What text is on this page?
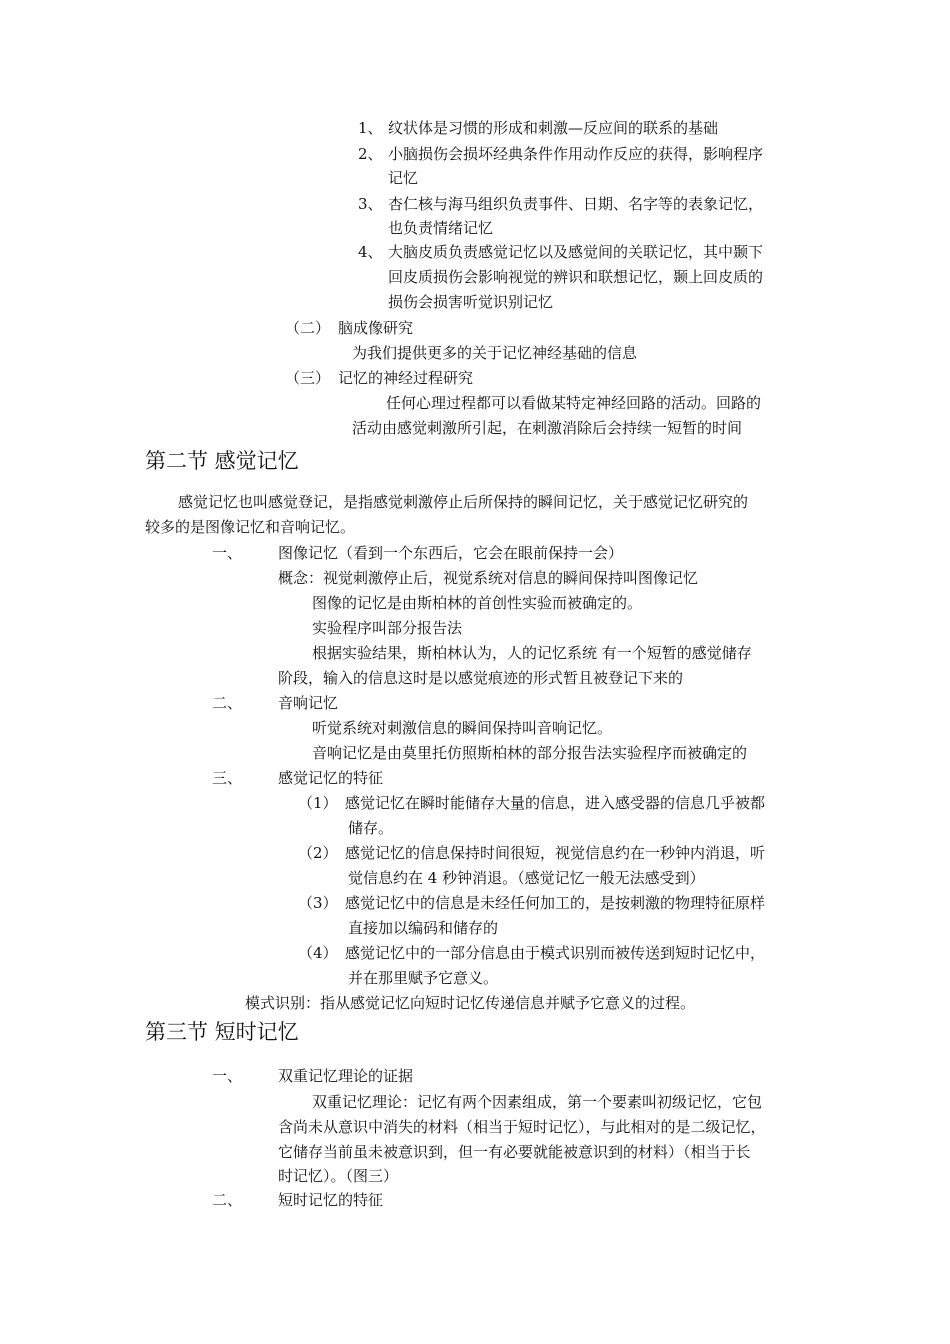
1、 纹状体是习惯的形成和刺激—反应间的联系的基础
2、 小脑损伤会损坏经典条件作用动作反应的获得，影响程序
记忆
3、 杏仁核与海马组织负责事件、日期、名字等的表象记忆，
也负责情绪记忆
4、 大脑皮质负责感觉记忆以及感觉间的关联记忆，其中颞下
回皮质损伤会影响视觉的辨识和联想记忆，颞上回皮质的
损伤会损害听觉识别记忆
（二） 脑成像研究
为我们提供更多的关于记忆神经基础的信息
（三） 记忆的神经过程研究
任何心理过程都可以看做某特定神经回路的活动。回路的
活动由感觉刺激所引起，在刺激消除后会持续一短暂的时间
第二节 感觉记忆
感觉记忆也叫感觉登记，是指感觉刺激停止后所保持的瞬间记忆，关于感觉记忆研究的
较多的是图像记忆和音响记忆。
一、 图像记忆（看到一个东西后，它会在眼前保持一会）
概念：视觉刺激停止后，视觉系统对信息的瞬间保持叫图像记忆
图像的记忆是由斯柏林的首创性实验而被确定的。
实验程序叫部分报告法
根据实验结果，斯柏林认为，人的记忆系统 有一个短暂的感觉储存
阶段，输入的信息这时是以感觉痕迹的形式暂且被登记下来的
二、 音响记忆
听觉系统对刺激信息的瞬间保持叫音响记忆。
音响记忆是由莫里托仿照斯柏林的部分报告法实验程序而被确定的
三、 感觉记忆的特征
（1） 感觉记忆在瞬时能储存大量的信息，进入感受器的信息几乎被都
储存。
（2） 感觉记忆的信息保持时间很短，视觉信息约在一秒钟内消退，听
觉信息约在 4 秒钟消退。（感觉记忆一般无法感受到）
（3） 感觉记忆中的信息是未经任何加工的，是按刺激的物理特征原样
直接加以编码和储存的
（4） 感觉记忆中的一部分信息由于模式识别而被传送到短时记忆中，
并在那里赋予它意义。
模式识别：指从感觉记忆向短时记忆传递信息并赋予它意义的过程。
第三节 短时记忆
一、 双重记忆理论的证据
双重记忆理论：记忆有两个因素组成，第一个要素叫初级记忆，它包
含尚未从意识中消失的材料（相当于短时记忆），与此相对的是二级记忆，
它储存当前虽未被意识到，但一有必要就能被意识到的材料）（相当于长
时记忆）。（图三）
二、 短时记忆的特征
